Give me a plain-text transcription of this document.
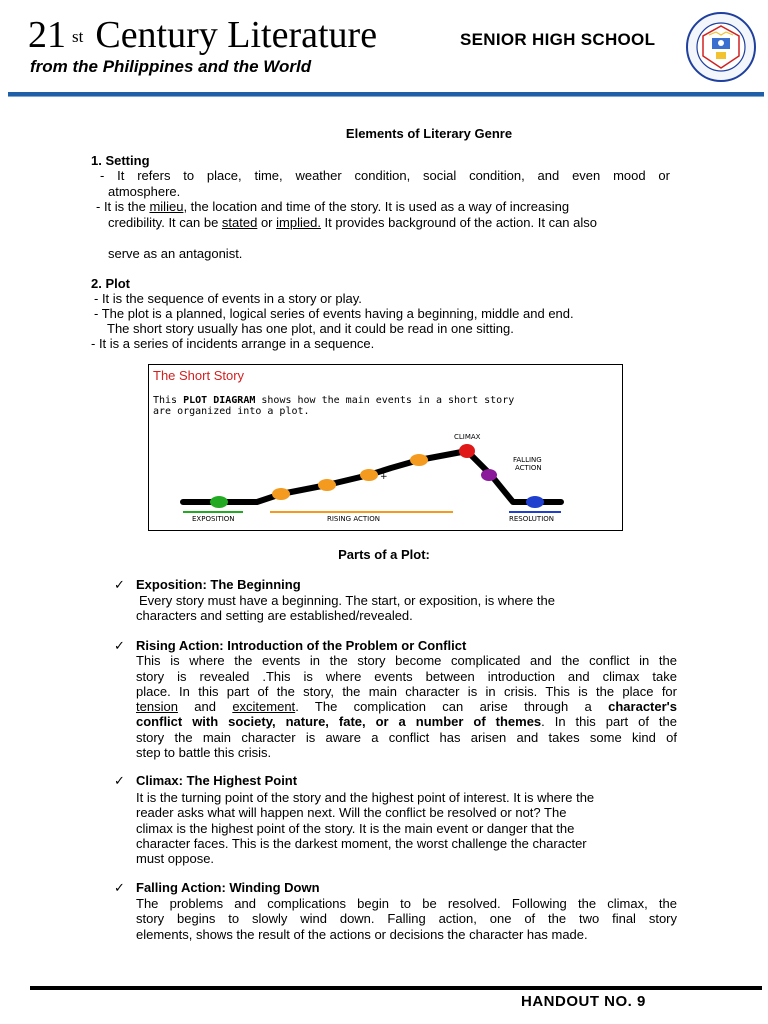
21 $^{st}$ Century Literature	SENIOR HIGH SCHOOL
from the Philippines and the World
Elements of Literary Genre
1. Setting
- It refers to place, time, weather condition, social condition, and even mood or
atmosphere.
- It is the milieu, the location and time of the story. It is used as a way of increasing
credibility. It can be stated or implied. It provides background of the action. It can also
serve as an antagonist.
2. Plot
- It is the sequence of events in a story or play.
- The plot is a planned, logical series of events having a beginning, middle and end.
The short story usually has one plot, and it could be read in one sitting.
- It is a series of incidents arrange in a sequence.
The Short Story
This PLOT DIAGRAM shows how the main events in a short story
are organized into a plot.
CLIMAX
FALLING
ACTION
+
EXPOSITION	RISING ACTION	RESOLUTION
Parts of a Plot:
✓ Exposition: The Beginning
Every story must have a beginning. The start, or exposition, is where the
characters and setting are established/revealed.
✓ Rising Action: Introduction of the Problem or Conflict
This is where the events in the story become complicated and the conflict in the
story is revealed .This is where events between introduction and climax take
place. In this part of the story, the main character is in crisis. This is the place for
tension and excitement. The complication can arise through a character's
conflict with society, nature, fate, or a number of themes. In this part of the
story the main character is aware a conflict has arisen and takes some kind of
step to battle this crisis.
✓ Climax: The Highest Point
It is the turning point of the story and the highest point of interest. It is where the
reader asks what will happen next. Will the conflict be resolved or not? The
climax is the highest point of the story. It is the main event or danger that the
character faces. This is the darkest moment, the worst challenge the character
must oppose.
✓ Falling Action: Winding Down
The problems and complications begin to be resolved. Following the climax, the
story begins to slowly wind down. Falling action, one of the two final story
elements, shows the result of the actions or decisions the character has made.
HANDOUT NO. 9
